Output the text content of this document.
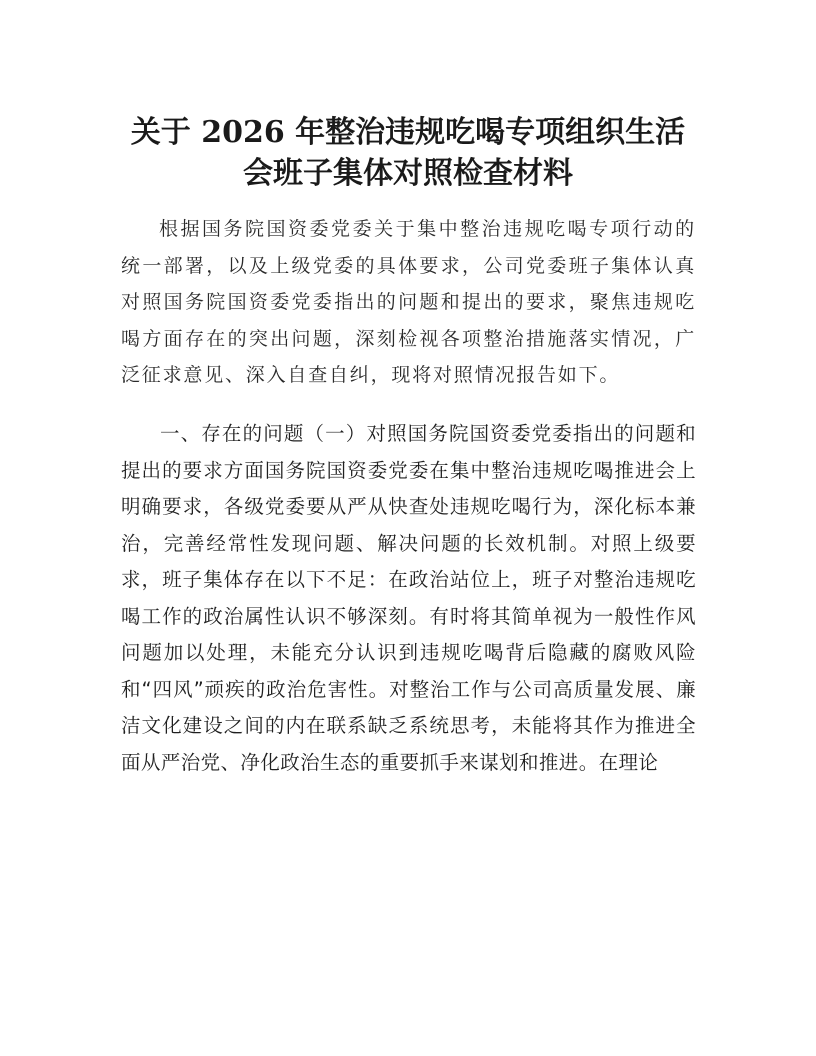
关于 2026 年整治违规吃喝专项组织生活会班子集体对照检查材料

根据国务院国资委党委关于集中整治违规吃喝专项行动的统一部署，以及上级党委的具体要求，公司党委班子集体认真对照国务院国资委党委指出的问题和提出的要求，聚焦违规吃喝方面存在的突出问题，深刻检视各项整治措施落实情况，广泛征求意见、深入自查自纠，现将对照情况报告如下。

一、存在的问题（一）对照国务院国资委党委指出的问题和提出的要求方面国务院国资委党委在集中整治违规吃喝推进会上明确要求，各级党委要从严从快查处违规吃喝行为，深化标本兼治，完善经常性发现问题、解决问题的长效机制。对照上级要求，班子集体存在以下不足：在政治站位上，班子对整治违规吃喝工作的政治属性认识不够深刻。有时将其简单视为一般性作风问题加以处理，未能充分认识到违规吃喝背后隐藏的腐败风险和“四风”顽疾的政治危害性。对整治工作与公司高质量发展、廉洁文化建设之间的内在联系缺乏系统思考，未能将其作为推进全面从严治党、净化政治生态的重要抓手来谋划和推进。在理论
